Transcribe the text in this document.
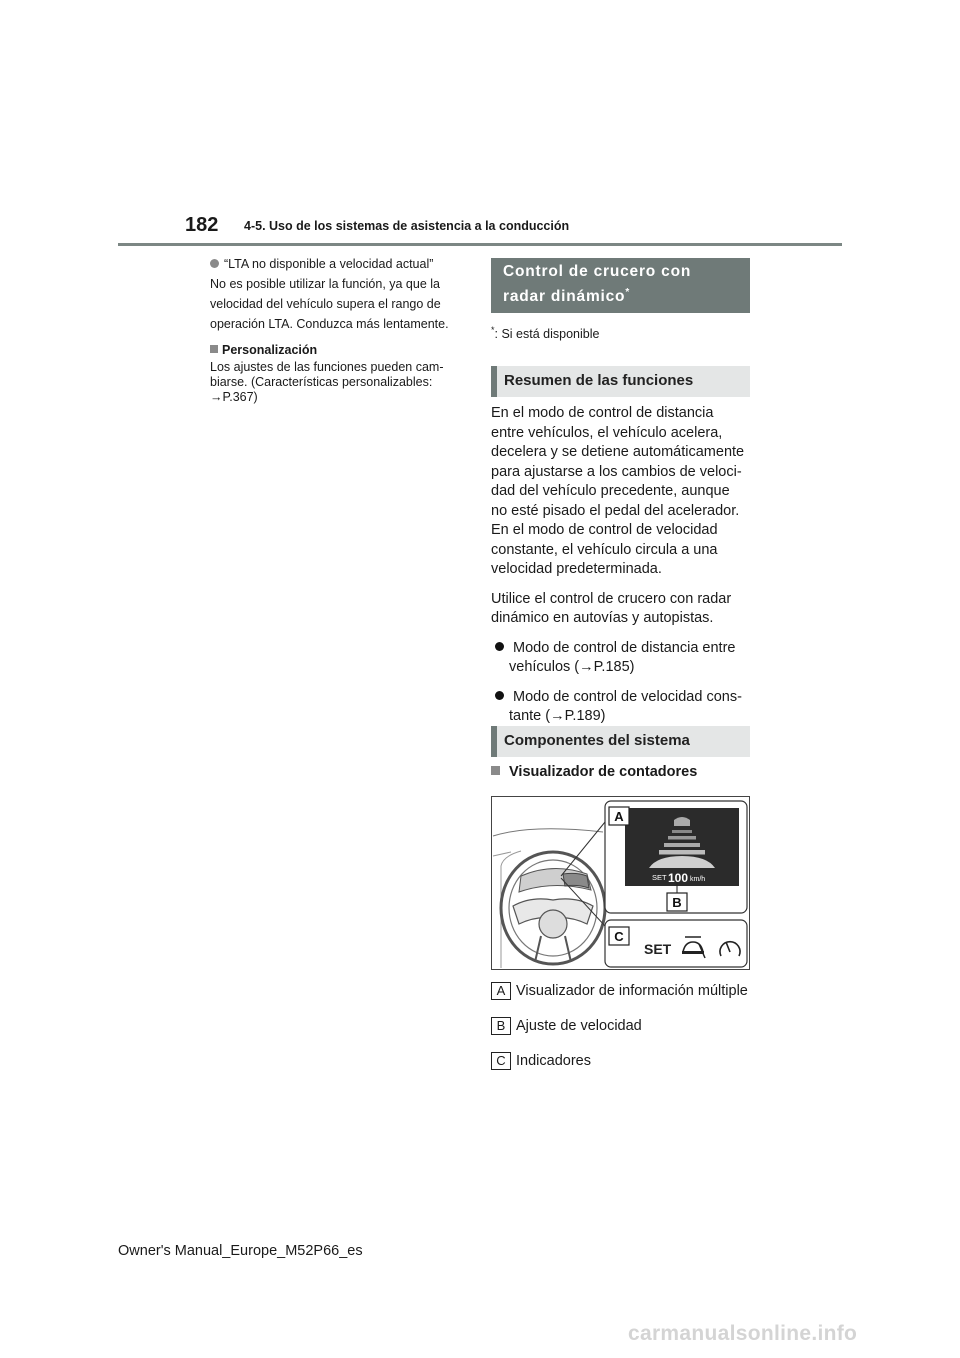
182 4-5. Uso de los sistemas de asistencia a la conducción

“LTA no disponible a velocidad actual”

No es posible utilizar la función, ya que la

velocidad del vehículo supera el rango de

operación LTA. Conduzca más lentamente.

Personalización

Los ajustes de las funciones pueden cam-

biarse. (Características personalizables:

→P.367)

Control de crucero con
radar dinámico*
*: Si está disponible
Resumen de las funciones

En el modo de control de distancia

entre vehículos, el vehículo acelera,

decelera y se detiene automáticamente

para ajustarse a los cambios de veloci-

dad del vehículo precedente, aunque

no esté pisado el pedal del acelerador.

En el modo de control de velocidad

constante, el vehículo circula a una

velocidad predeterminada.

Utilice el control de crucero con radar

dinámico en autovías y autopistas.

Modo de control de distancia entre

vehículos (→P.185)

Modo de control de velocidad cons-

tante (→P.189)

Componentes del sistema
Visualizador de contadores
SET 100 km/h
A
B
C
SET
A Visualizador de información múltiple
B Ajuste de velocidad
C Indicadores
Owner's Manual_Europe_M52P66_es
carmanualsonline.info
